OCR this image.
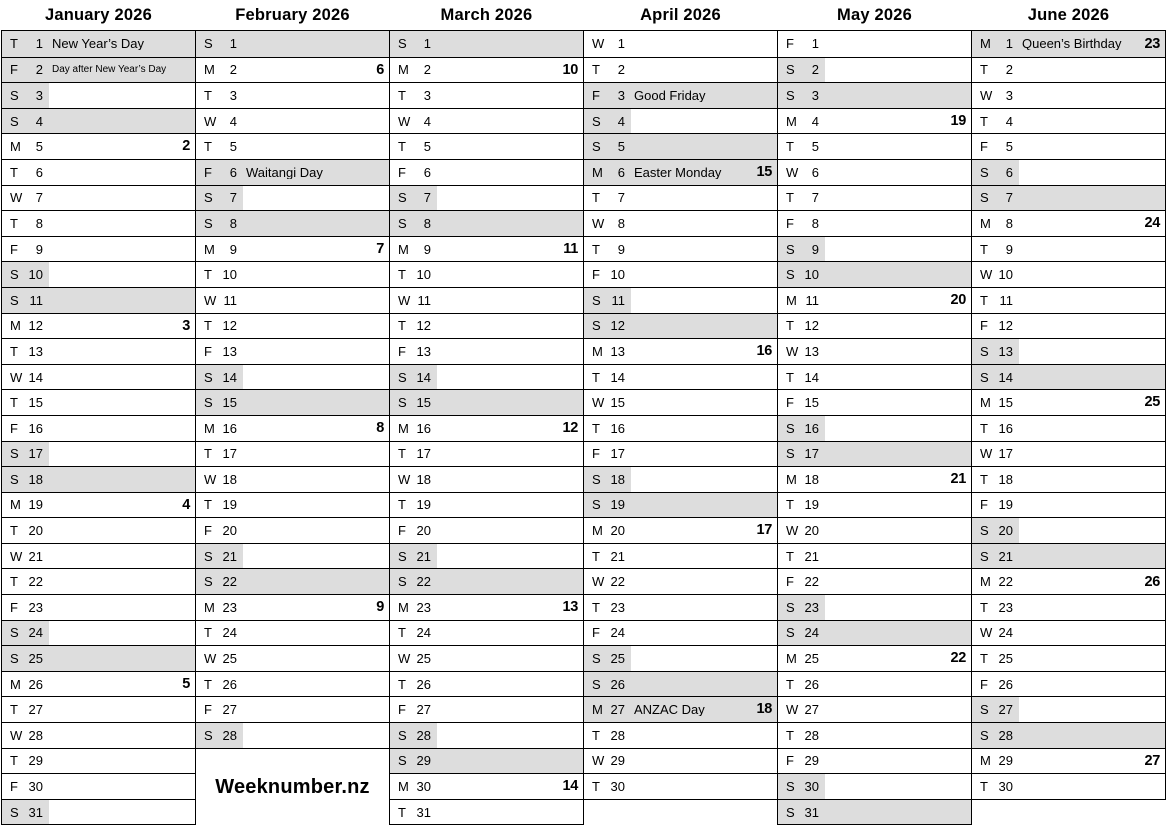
January 2026
T	1 New Year’s Day
F	2 Day after New Year’s Day
S	3
S	4
M	5	2
T	6
W	7
T	8
F	9
S 10
S 11
M 12	3
T 13
W 14
T 15
F 16
S 17
S 18
M 19	4
T 20
W 21
T 22
F 23
S 24
S 25
M 26	5
T 27
W 28
T 29
F 30
S 31
February 2026
S	1
M	2	6
T	3
W	4
T	5
F	6 Waitangi Day
S	7
S	8
M	9	7
T 10
W 11
T 12
F 13
S 14
S 15
M 16	8
T 17
W 18
T 19
F 20
S 21
S 22
M 23	9
T 24
W 25
T 26
F 27
S 28
Weeknumber.nz
March 2026
S	1
M	2	10
T	3
W	4
T	5
F	6
S	7
S	8
M	9	11
T 10
W 11
T 12
F 13
S 14
S 15
M 16	12
T 17
W 18
T 19
F 20
S 21
S 22
M 23	13
T 24
W 25
T 26
F 27
S 28
S 29
M 30	14
T 31
April 2026
W	1
T	2
F	3 Good Friday
S	4
S	5
M	6 Easter Monday	15
T	7
W	8
T	9
F 10
S 11
S 12
M 13	16
T 14
W 15
T 16
F 17
S 18
S 19
M 20	17
T 21
W 22
T 23
F 24
S 25
S 26
M 27 ANZAC Day	18
T 28
W 29
T 30
May 2026
F	1
S	2
S	3
M	4	19
T	5
W	6
T	7
F	8
S	9
S 10
M 11	20
T 12
W 13
T 14
F 15
S 16
S 17
M 18	21
T 19
W 20
T 21
F 22
S 23
S 24
M 25	22
T 26
W 27
T 28
F 29
S 30
S 31
June 2026
M	1 Queen’s Birthday	23
T	2
W	3
T	4
F	5
S	6
S	7
M	8	24
T	9
W 10
T 11
F 12
S 13
S 14
M 15	25
T 16
W 17
T 18
F 19
S 20
S 21
M 22	26
T 23
W 24
T 25
F 26
S 27
S 28
M 29	27
T 30
